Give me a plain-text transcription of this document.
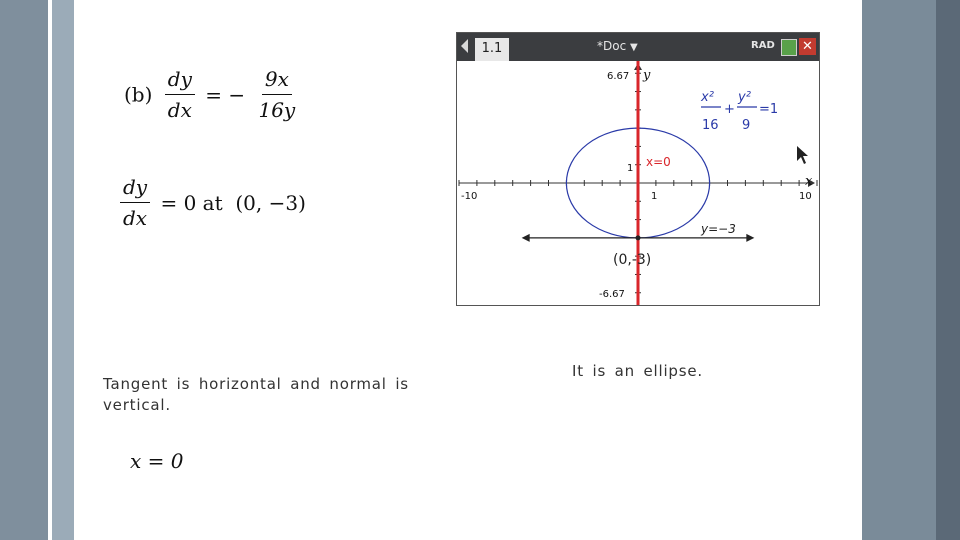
$(b) \frac{dy}{dx}$ = − $\frac{9x}{16y}$
$\frac{dy}{dx} = 0$ at  (0, −3)
Tangent is horizontal and normal is vertical.
x = 0
It is an ellipse.
1.1	*Doc ▼	RAD ✕
6.67 y
-6.67
-10	10
x
1
1
x²
16
+
y²
9
=1
x=0
y=−3
(0,-3)
